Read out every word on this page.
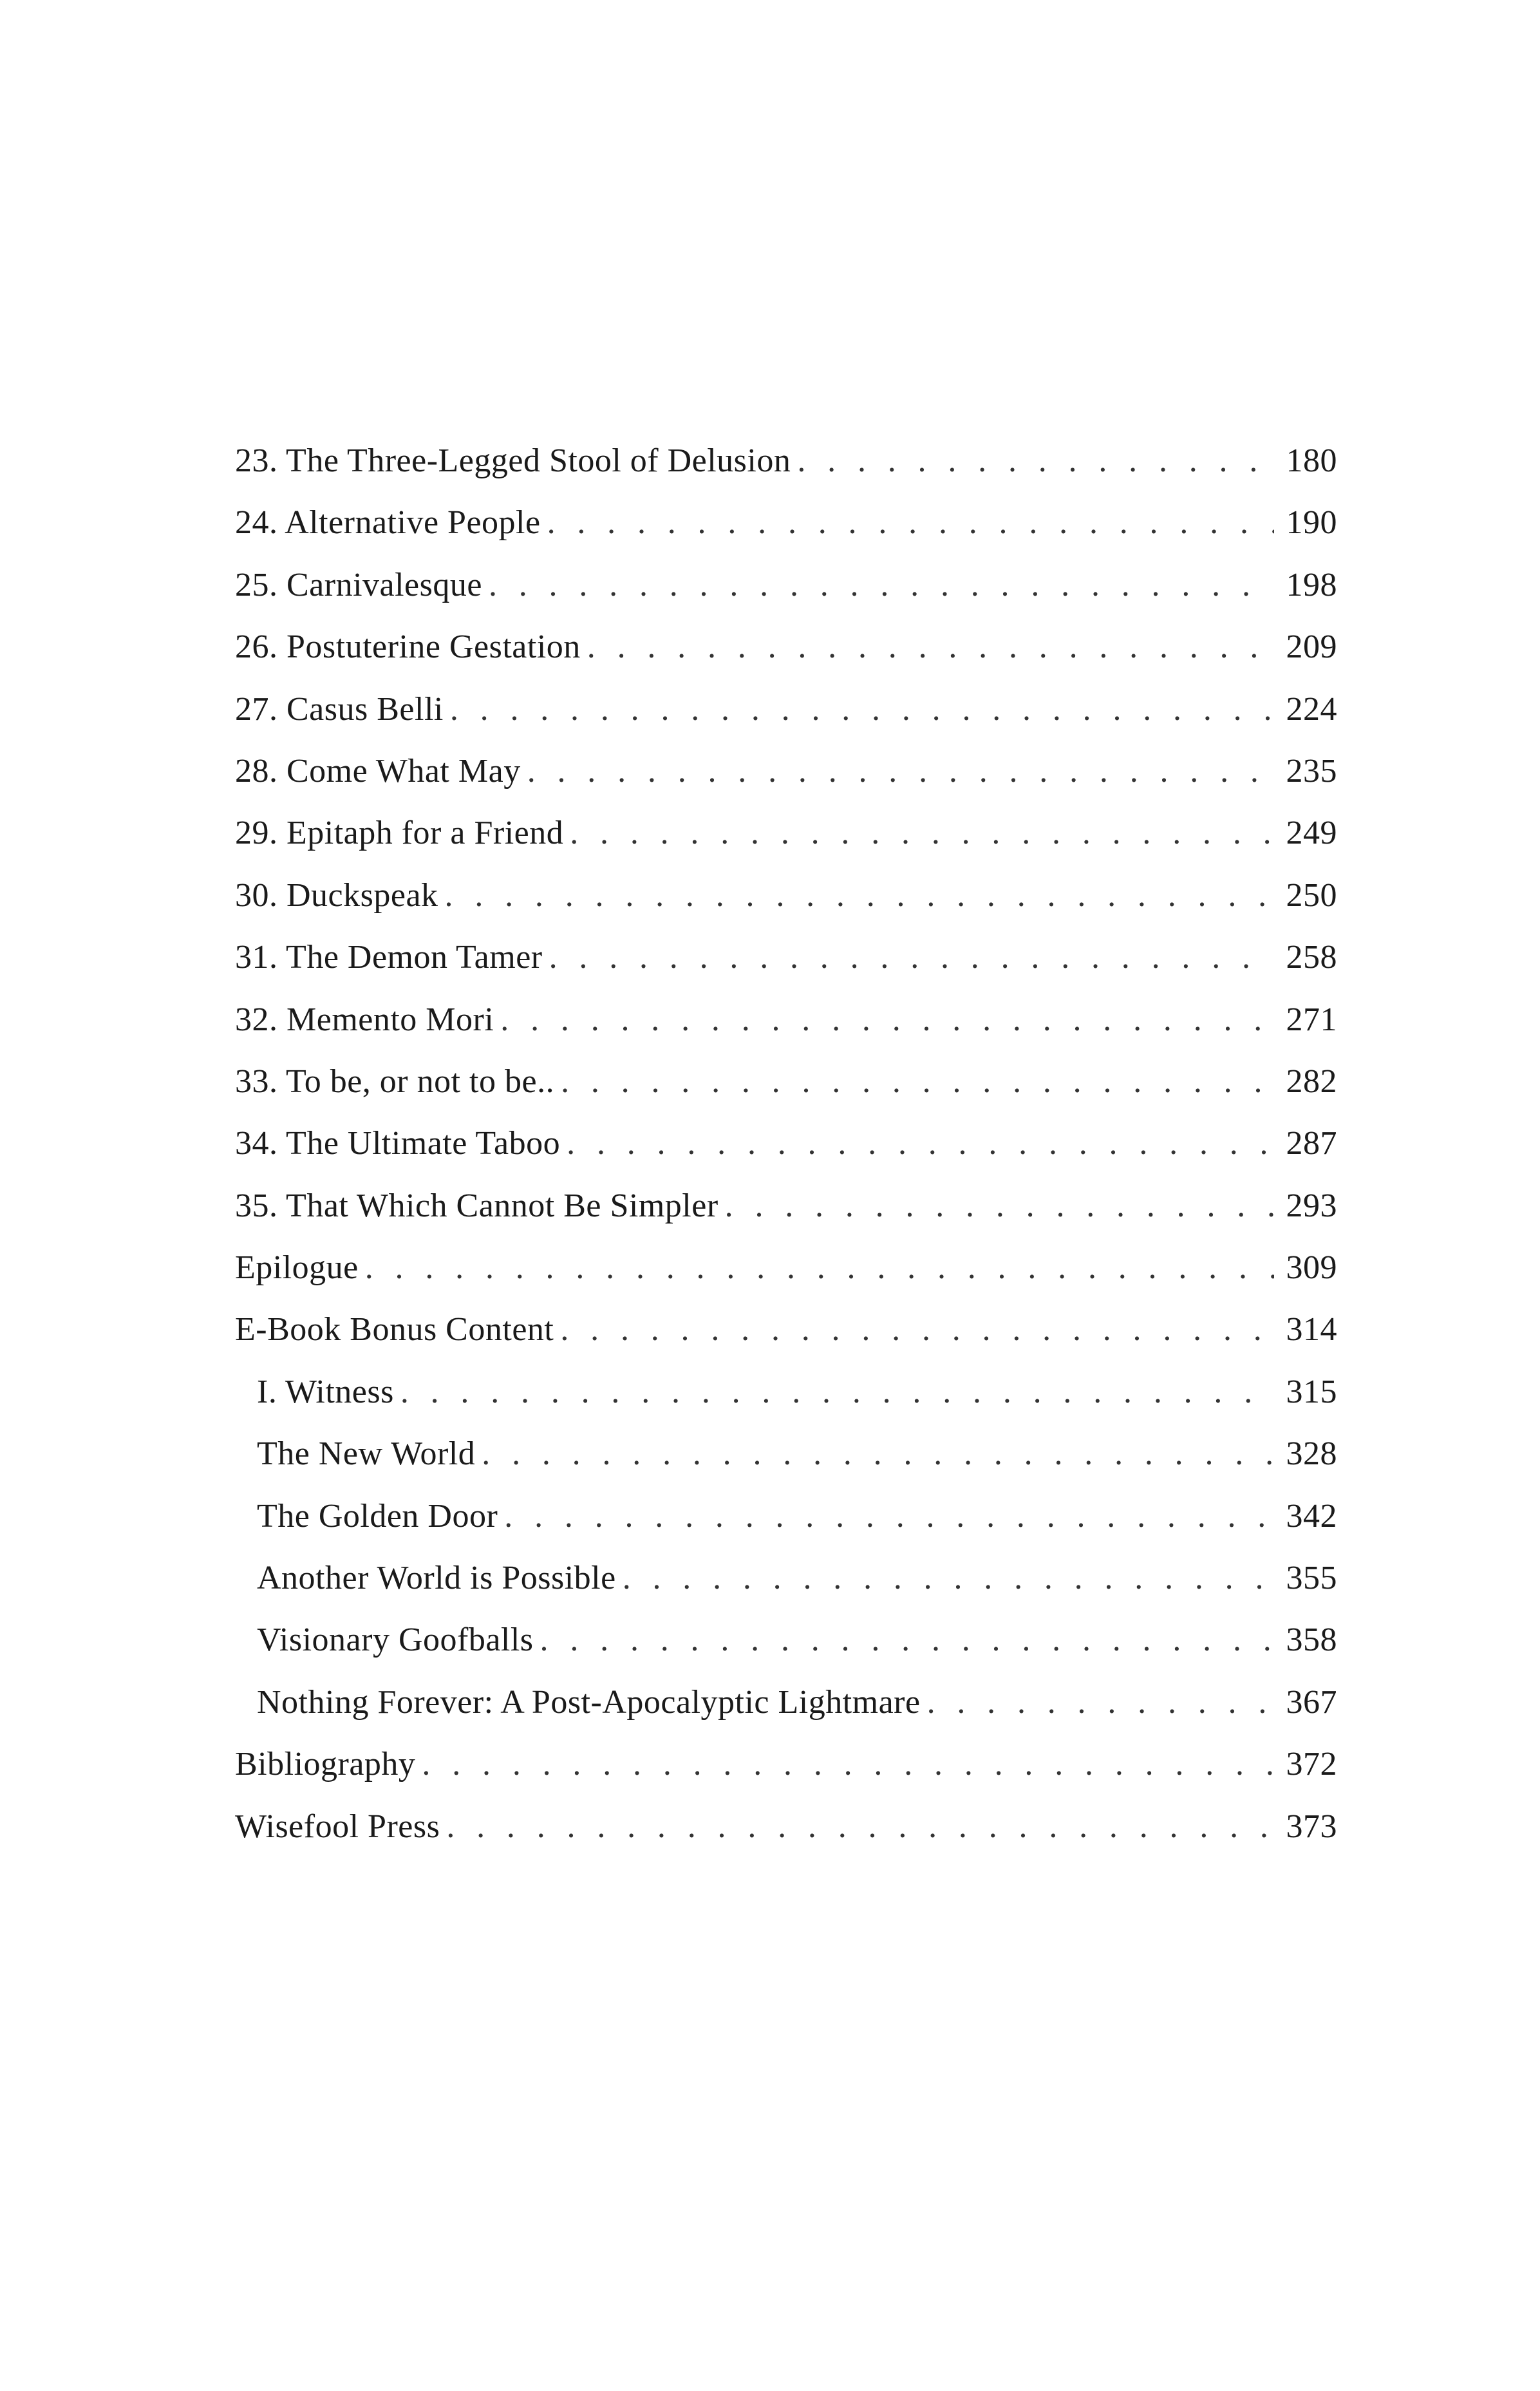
23. The Three-Legged Stool of Delusion . . .	180
24. Alternative People . . .	190
25. Carnivalesque . . .	198
26. Postuterine Gestation . . .	209
27. Casus Belli . . .	224
28. Come What May . . .	235
29. Epitaph for a Friend . . .	249
30. Duckspeak . . .	250
31. The Demon Tamer . . .	258
32. Memento Mori . . .	271
33. To be, or not to be.. . . .	282
34. The Ultimate Taboo . . .	287
35. That Which Cannot Be Simpler . . .	293
Epilogue . . .	309
E-Book Bonus Content . . .	314
I. Witness . . .	315
The New World . . .	328
The Golden Door . . .	342
Another World is Possible . . .	355
Visionary Goofballs . . .	358
Nothing Forever: A Post-Apocalyptic Lightmare . . .	367
Bibliography . . .	372
Wisefool Press . . .	373
